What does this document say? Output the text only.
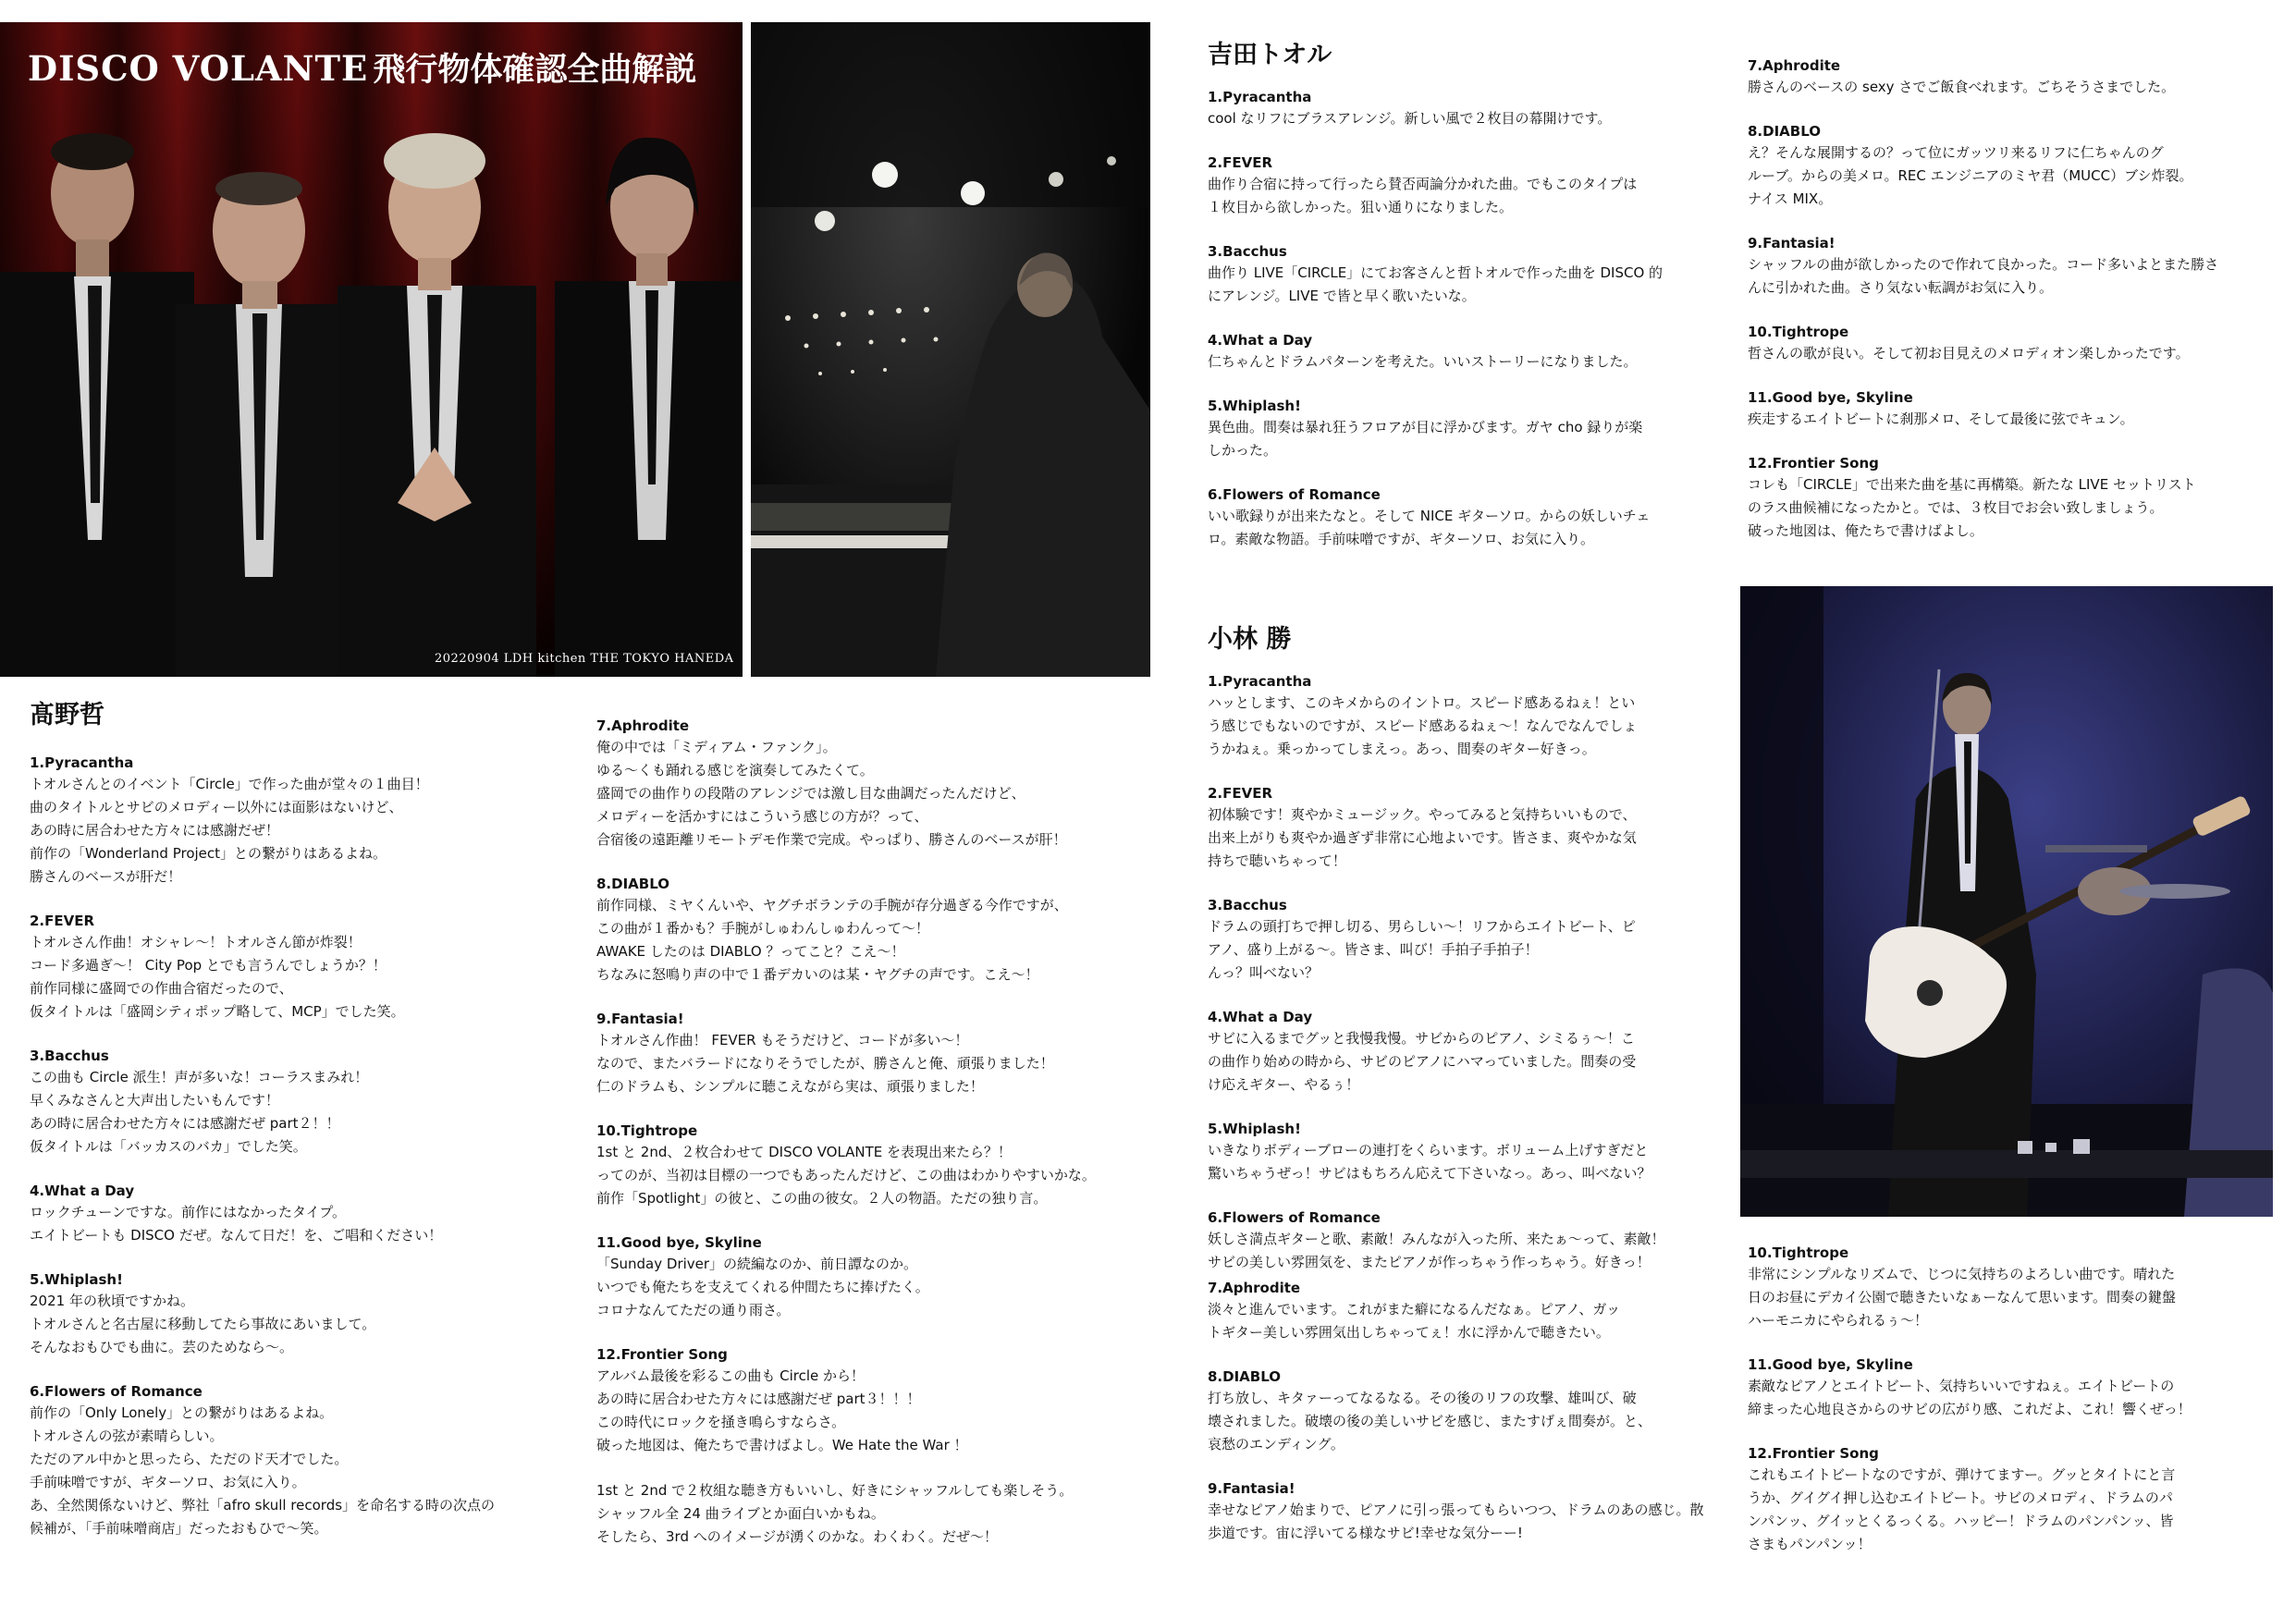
DISCO VOLANTE 飛行物体確認全曲解説
20220904 LDH kitchen THE TOKYO HANEDA
髙野哲
1.Pyracantha
トオルさんとのイベント「Circle」で作った曲が堂々の１曲目！
曲のタイトルとサビのメロディー以外には面影はないけど、
あの時に居合わせた方々には感謝だぜ！
前作の「Wonderland Project」との繋がりはあるよね。
勝さんのベースが肝だ！
2.FEVER
トオルさん作曲！オシャレ〜！トオルさん節が炸裂！
コード多過ぎ〜！ City Pop とでも言うんでしょうか？！
前作同様に盛岡での作曲合宿だったので、
仮タイトルは「盛岡シティポップ略して、MCP」でした笑。
3.Bacchus
この曲も Circle 派生！声が多いな！コーラスまみれ！
早くみなさんと大声出したいもんです！
あの時に居合わせた方々には感謝だぜ part２！！
仮タイトルは「バッカスのバカ」でした笑。
4.What a Day
ロックチューンですな。前作にはなかったタイプ。
エイトビートも DISCO だぜ。なんて日だ！を、ご唱和ください！
5.Whiplash!
2021 年の秋頃ですかね。
トオルさんと名古屋に移動してたら事故にあいまして。
そんなおもひでも曲に。芸のためなら〜。
6.Flowers of Romance
前作の「Only Lonely」との繋がりはあるよね。
トオルさんの弦が素晴らしい。
ただのアル中かと思ったら、ただのド天才でした。
手前味噌ですが、ギターソロ、お気に入り。
あ、全然関係ないけど、弊社「afro skull records」を命名する時の次点の
候補が、「手前味噌商店」だったおもひで〜笑。
7.Aphrodite
俺の中では「ミディアム・ファンク」。
ゆる〜くも踊れる感じを演奏してみたくて。
盛岡での曲作りの段階のアレンジでは激し目な曲調だったんだけど、
メロディーを活かすにはこういう感じの方が？って、
合宿後の遠距離リモートデモ作業で完成。やっぱり、勝さんのベースが肝！
8.DIABLO
前作同様、ミヤくんいや、ヤグチボランテの手腕が存分過ぎる今作ですが、
この曲が１番かも？手腕がしゅわんしゅわんって〜！
AWAKE したのは DIABLO ？ってこと？こえ〜！
ちなみに怒鳴り声の中で１番デカいのは某・ヤグチの声です。こえ〜！
9.Fantasia!
トオルさん作曲！ FEVER もそうだけど、コードが多い〜！
なので、またバラードになりそうでしたが、勝さんと俺、頑張りました！
仁のドラムも、シンプルに聴こえながら実は、頑張りました！
10.Tightrope
1st と 2nd、２枚合わせて DISCO VOLANTE を表現出来たら？！
ってのが、当初は目標の一つでもあったんだけど、この曲はわかりやすいかな。
前作「Spotlight」の彼と、この曲の彼女。２人の物語。ただの独り言。
11.Good bye, Skyline
「Sunday Driver」の続編なのか、前日譚なのか。
いつでも俺たちを支えてくれる仲間たちに捧げたく。
コロナなんてただの通り雨さ。
12.Frontier Song
アルバム最後を彩るこの曲も Circle から！
あの時に居合わせた方々には感謝だぜ part３！！！
この時代にロックを掻き鳴らすならさ。
破った地図は、俺たちで書けばよし。We Hate the War ！
1st と 2nd で２枚組な聴き方もいいし、好きにシャッフルしても楽しそう。
シャッフル全 24 曲ライブとか面白いかもね。
そしたら、3rd へのイメージが湧くのかな。わくわく。だぜ〜！
吉田トオル
1.Pyracantha
cool なリフにブラスアレンジ。新しい風で２枚目の幕開けです。
2.FEVER
曲作り合宿に持って行ったら賛否両論分かれた曲。でもこのタイプは
１枚目から欲しかった。狙い通りになりました。
3.Bacchus
曲作り LIVE「CIRCLE」にてお客さんと哲トオルで作った曲を DISCO 的
にアレンジ。LIVE で皆と早く歌いたいな。
4.What a Day
仁ちゃんとドラムパターンを考えた。いいストーリーになりました。
5.Whiplash!
異色曲。間奏は暴れ狂うフロアが目に浮かびます。ガヤ cho 録りが楽
しかった。
6.Flowers of Romance
いい歌録りが出来たなと。そして NICE ギターソロ。からの妖しいチェ
ロ。素敵な物語。手前味噌ですが、ギターソロ、お気に入り。
小林 勝
1.Pyracantha
ハッとします、このキメからのイントロ。スピード感あるねぇ！とい
う感じでもないのですが、スピード感あるねぇ〜！なんでなんでしょ
うかねぇ。乗っかってしまえっ。あっ、間奏のギター好きっ。
2.FEVER
初体験です！爽やかミュージック。やってみると気持ちいいもので、
出来上がりも爽やか過ぎず非常に心地よいです。皆さま、爽やかな気
持ちで聴いちゃって！
3.Bacchus
ドラムの頭打ちで押し切る、男らしい〜！リフからエイトビート、ピ
アノ、盛り上がる〜。皆さま、叫び！手拍子手拍子！
んっ？叫べない？
4.What a Day
サビに入るまでグッと我慢我慢。サビからのピアノ、シミるぅ〜！こ
の曲作り始めの時から、サビのピアノにハマっていました。間奏の受
け応えギター、やるぅ！
5.Whiplash!
いきなりボディーブローの連打をくらいます。ボリューム上げすぎだと
驚いちゃうぜっ！サビはもちろん応えて下さいなっ。あっ、叫べない？
6.Flowers of Romance
妖しさ満点ギターと歌、素敵！みんなが入った所、来たぁ〜って、素敵！
サビの美しい雰囲気を、またピアノが作っちゃう作っちゃう。好きっ！
7.Aphrodite
淡々と進んでいます。これがまた癖になるんだなぁ。ピアノ、ガッ
トギター美しい雰囲気出しちゃってぇ！水に浮かんで聴きたい。
8.DIABLO
打ち放し、キタァーってなるなる。その後のリフの攻撃、雄叫び、破
壊されました。破壊の後の美しいサビを感じ、またすげぇ間奏が。と、
哀愁のエンディング。
9.Fantasia!
幸せなピアノ始まりで、ピアノに引っ張ってもらいつつ、ドラムのあの感じ。散
歩道です。宙に浮いてる様なサビ!幸せな気分ーー!
7.Aphrodite
勝さんのベースの sexy さでご飯食べれます。ごちそうさまでした。
8.DIABLO
え？そんな展開するの？って位にガッツリ来るリフに仁ちゃんのグ
ルーブ。からの美メロ。REC エンジニアのミヤ君（MUCC）ブシ炸裂。
ナイス MIX。
9.Fantasia!
シャッフルの曲が欲しかったので作れて良かった。コード多いよとまた勝さ
んに引かれた曲。さり気ない転調がお気に入り。
10.Tightrope
哲さんの歌が良い。そして初お目見えのメロディオン楽しかったです。
11.Good bye, Skyline
疾走するエイトビートに刹那メロ、そして最後に弦でキュン。
12.Frontier Song
コレも「CIRCLE」で出来た曲を基に再構築。新たな LIVE セットリスト
のラス曲候補になったかと。では、３枚目でお会い致しましょう。
破った地図は、俺たちで書けばよし。
10.Tightrope
非常にシンプルなリズムで、じつに気持ちのよろしい曲です。晴れた
日のお昼にデカイ公園で聴きたいなぁーなんて思います。間奏の鍵盤
ハーモニカにやられるぅ〜！
11.Good bye, Skyline
素敵なピアノとエイトビート、気持ちいいですねぇ。エイトビートの
締まった心地良さからのサビの広がり感、これだよ、これ！響くぜっ！
12.Frontier Song
これもエイトビートなのですが、弾けてますー。グッとタイトにと言
うか、グイグイ押し込むエイトビート。サビのメロディ、ドラムのパ
ンパンッ、グイッとくるっくる。ハッピー！ドラムのパンパンッ、皆
さまもパンパンッ！
